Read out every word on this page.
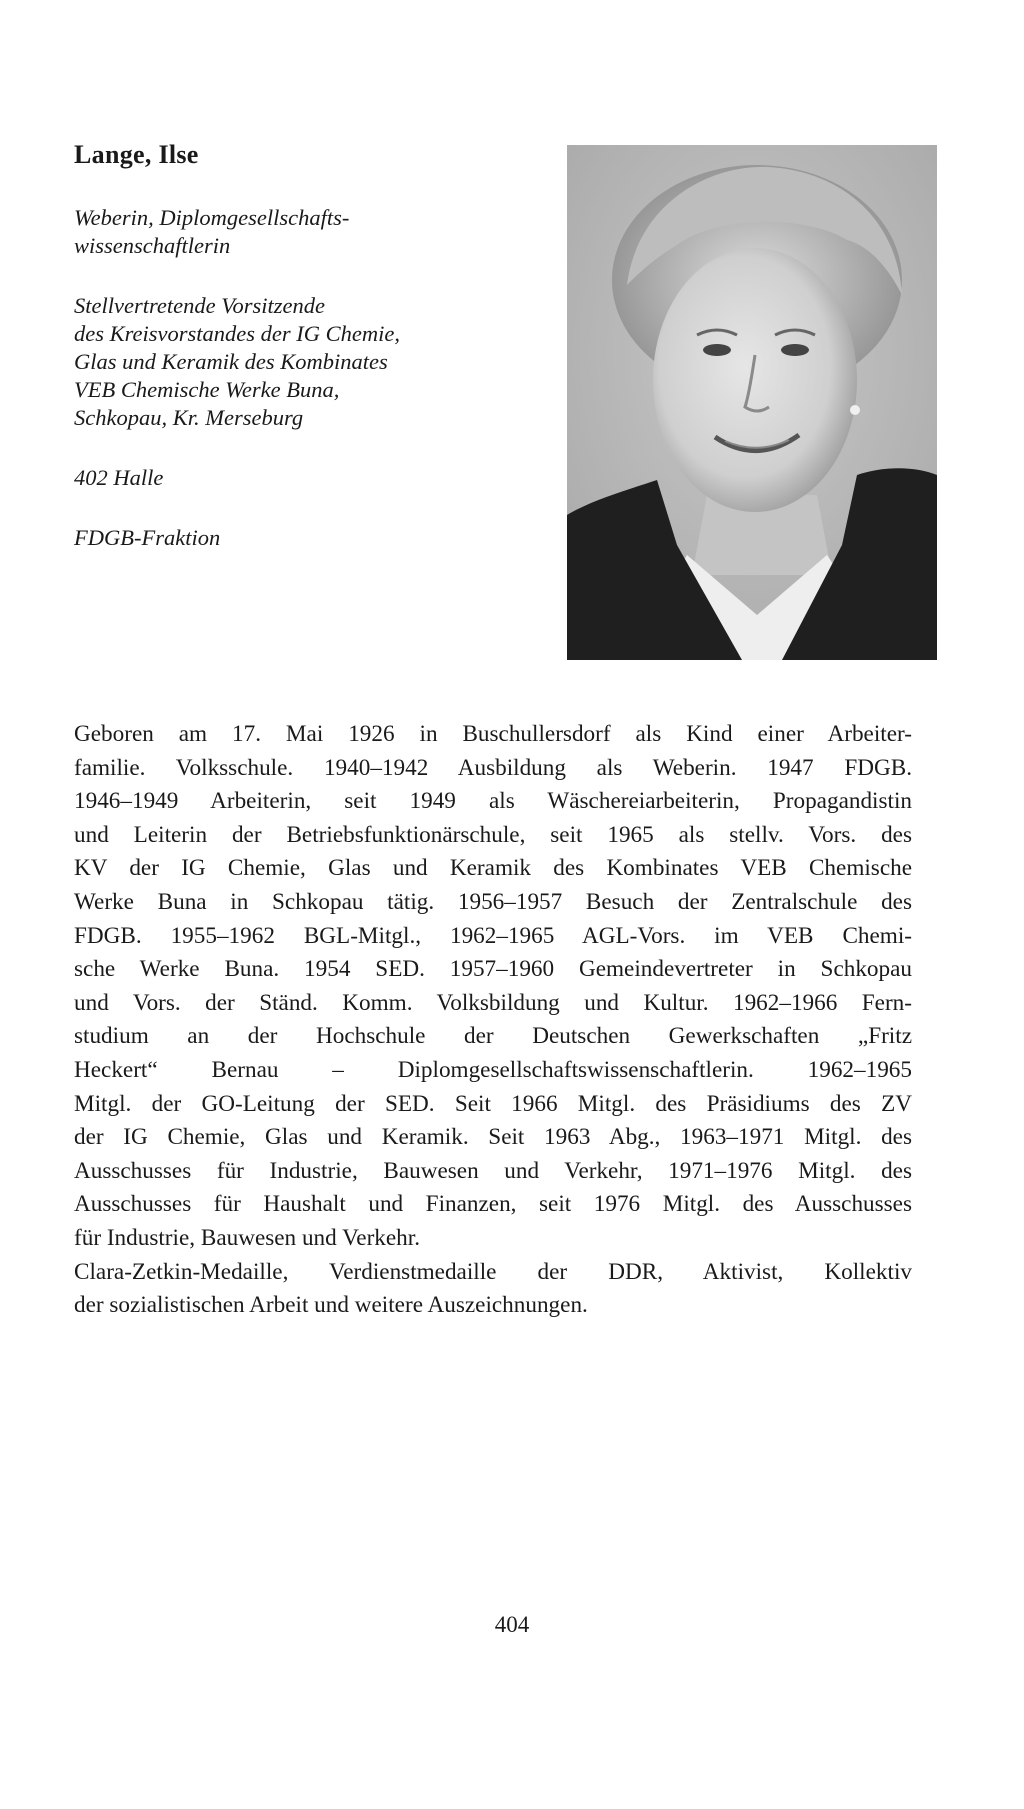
Lange, Ilse

Weberin, Diplomgesellschafts-
wissenschaftlerin

Stellvertretende Vorsitzende
des Kreisvorstandes der IG Chemie,
Glas und Keramik des Kombinates
VEB Chemische Werke Buna,
Schkopau, Kr. Merseburg

402 Halle

FDGB-Fraktion

Geboren am 17. Mai 1926 in Buschullersdorf als Kind einer Arbeiter-
familie. Volksschule. 1940–1942 Ausbildung als Weberin. 1947 FDGB.
1946–1949 Arbeiterin, seit 1949 als Wäschereiarbeiterin, Propagandistin
und Leiterin der Betriebsfunktionärschule, seit 1965 als stellv. Vors. des
KV der IG Chemie, Glas und Keramik des Kombinates VEB Chemische
Werke Buna in Schkopau tätig. 1956–1957 Besuch der Zentralschule des
FDGB. 1955–1962 BGL-Mitgl., 1962–1965 AGL-Vors. im VEB Chemi-
sche Werke Buna. 1954 SED. 1957–1960 Gemeindevertreter in Schkopau
und Vors. der Ständ. Komm. Volksbildung und Kultur. 1962–1966 Fern-
studium an der Hochschule der Deutschen Gewerkschaften „Fritz
Heckert“ Bernau – Diplomgesellschaftswissenschaftlerin. 1962–1965
Mitgl. der GO-Leitung der SED. Seit 1966 Mitgl. des Präsidiums des ZV
der IG Chemie, Glas und Keramik. Seit 1963 Abg., 1963–1971 Mitgl. des
Ausschusses für Industrie, Bauwesen und Verkehr, 1971–1976 Mitgl. des
Ausschusses für Haushalt und Finanzen, seit 1976 Mitgl. des Ausschusses
für Industrie, Bauwesen und Verkehr.

Clara-Zetkin-Medaille, Verdienstmedaille der DDR, Aktivist, Kollektiv
der sozialistischen Arbeit und weitere Auszeichnungen.

404
